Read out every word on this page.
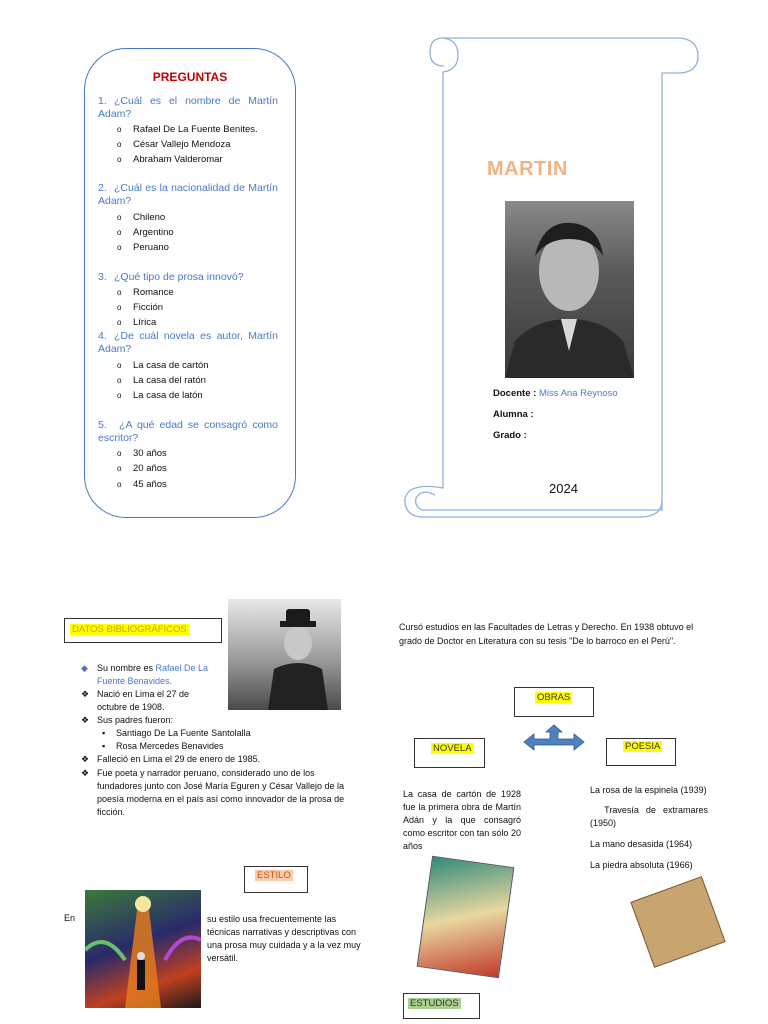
PREGUNTAS
1. ¿Cuál es el nombre de Martín Adam?
o Rafael De La Fuente Benites.
o César Vallejo Mendoza
o Abraham Valderomar
2. ¿Cuál es la nacionalidad de Martín Adam?
o Chileno
o Argentino
o Peruano
3. ¿Qué tipo de prosa innovó?
o Romance
o Ficción
o Lírica
4. ¿De cuál novela es autor, Martín Adam?
o La casa de cartón
o La casa del ratón
o La casa de latón
5. ¿A qué edad se consagró como escritor?
o 30 años
o 20 años
o 45 años
MARTIN
Docente : Miss Ana Reynoso
Alumna :
Grado :
2024
DATOS BIBLIOGRÁFICOS
◆ Su nombre es Rafael De La Fuente Benavides.
❖ Nació en Lima el 27 de octubre de 1908.
❖ Sus padres fueron:
▪ Santiago De La Fuente Santolalla
▪ Rosa Mercedes Benavides
❖ Falleció en Lima el 29 de enero de 1985.
❖ Fue poeta y narrador peruano, considerado uno de los fundadores junto con José María Eguren y César Vallejo de la poesía moderna en el país así como innovador de la prosa de ficción.
ESTILO
En	su estilo usa frecuentemente las técnicas narrativas y descriptivas con una prosa muy cuidada y a la vez muy versátil.
Cursó estudios en las Facultades de Letras y Derecho. En 1938 obtuvo el grado de Doctor en Literatura con su tesis "De lo barroco en el Perú".
OBRAS
NOVELA	POESIA
La casa de cartón de 1928 fue la primera obra de Martín Adán y la que consagró como escritor con tan sólo 20 años
La rosa de la espinela (1939)
Travesía de extramares (1950)
La mano desasida (1964)
La piedra absoluta (1966)
ESTUDIOS
